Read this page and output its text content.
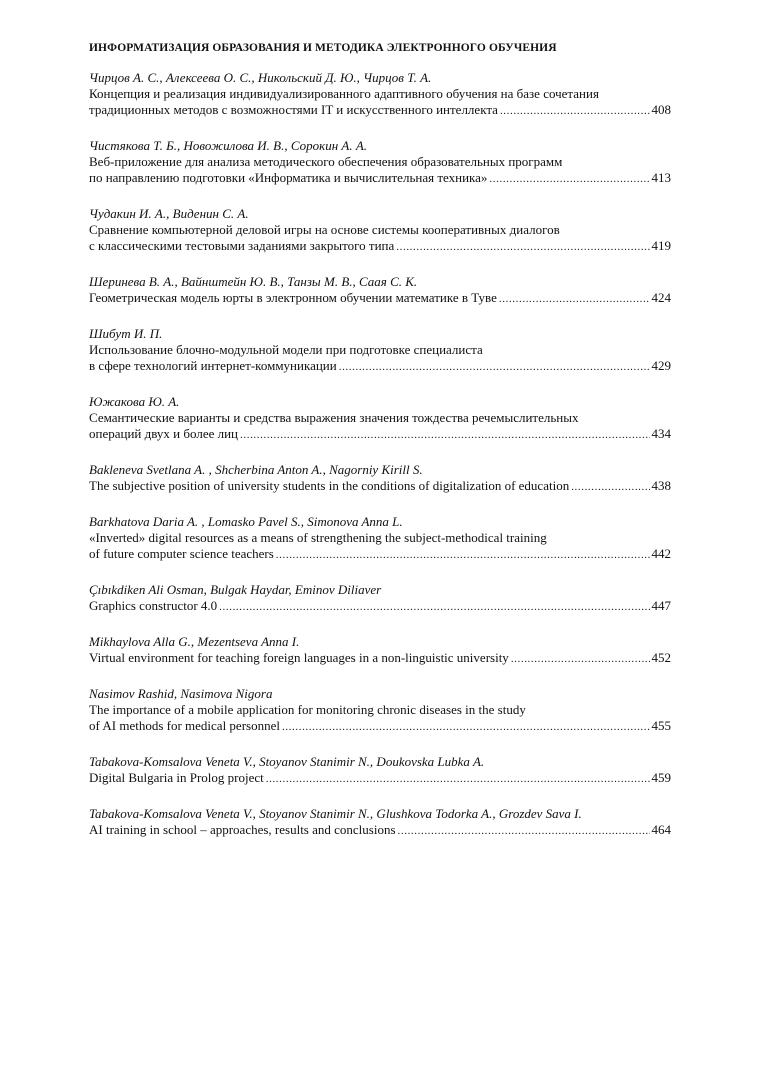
ИНФОРМАТИЗАЦИЯ ОБРАЗОВАНИЯ И МЕТОДИКА ЭЛЕКТРОННОГО ОБУЧЕНИЯ
Чирцов А. С., Алексеева О. С., Никольский Д. Ю., Чирцов Т. А.
Концепция и реализация индивидуализированного адаптивного обучения на базе сочетания
традиционных методов с возможностями IT и искусственного интеллекта .....	408
Чистякова Т. Б., Новожилова И. В., Сорокин А. А.
Веб-приложение для анализа методического обеспечения образовательных программ
по направлению подготовки «Информатика и вычислительная техника» .....	413
Чудакин И. А., Виденин С. А.
Сравнение компьютерной деловой игры на основе системы кооперативных диалогов
с классическими тестовыми заданиями закрытого типа .....	419
Шеринева В. А., Вайнштейн Ю. В., Танзы М. В., Саая С. К.
Геометрическая модель юрты в электронном обучении математике в Туве .....	424
Шибут И. П.
Использование блочно-модульной модели при подготовке специалиста
в сфере технологий интернет-коммуникации .....	429
Южакова Ю. А.
Семантические варианты и средства выражения значения тождества речемыслительных
операций двух и более лиц .....	434
Bakleneva Svetlana A. , Shcherbina Anton A., Nagorniy Kirill S.
The subjective position of university students in the conditions of digitalization of education .....	438
Barkhatova Daria A. , Lomasko Pavel S., Simonova Anna L.
«Inverted» digital resources as a means of strengthening the subject-methodical training
of future computer science teachers .....	442
Çıbıkdiken Ali Osman, Bulgak Haydar, Eminov Diliaver
Graphics constructor 4.0 .....	447
Mikhaylova Alla G., Mezentseva Anna I.
Virtual environment for teaching foreign languages in a non-linguistic university .....	452
Nasimov Rashid, Nasimova Nigora
The importance of a mobile application for monitoring chronic diseases in the study
of AI methods for medical personnel .....	455
Tabakova-Komsalova Veneta V., Stoyanov Stanimir N., Doukovska Lubka A.
Digital Bulgaria in Prolog project .....	459
Tabakova-Komsalova Veneta V., Stoyanov Stanimir N., Glushkova Todorka A., Grozdev Sava I.
AI training in school – approaches, results and conclusions .....	464
